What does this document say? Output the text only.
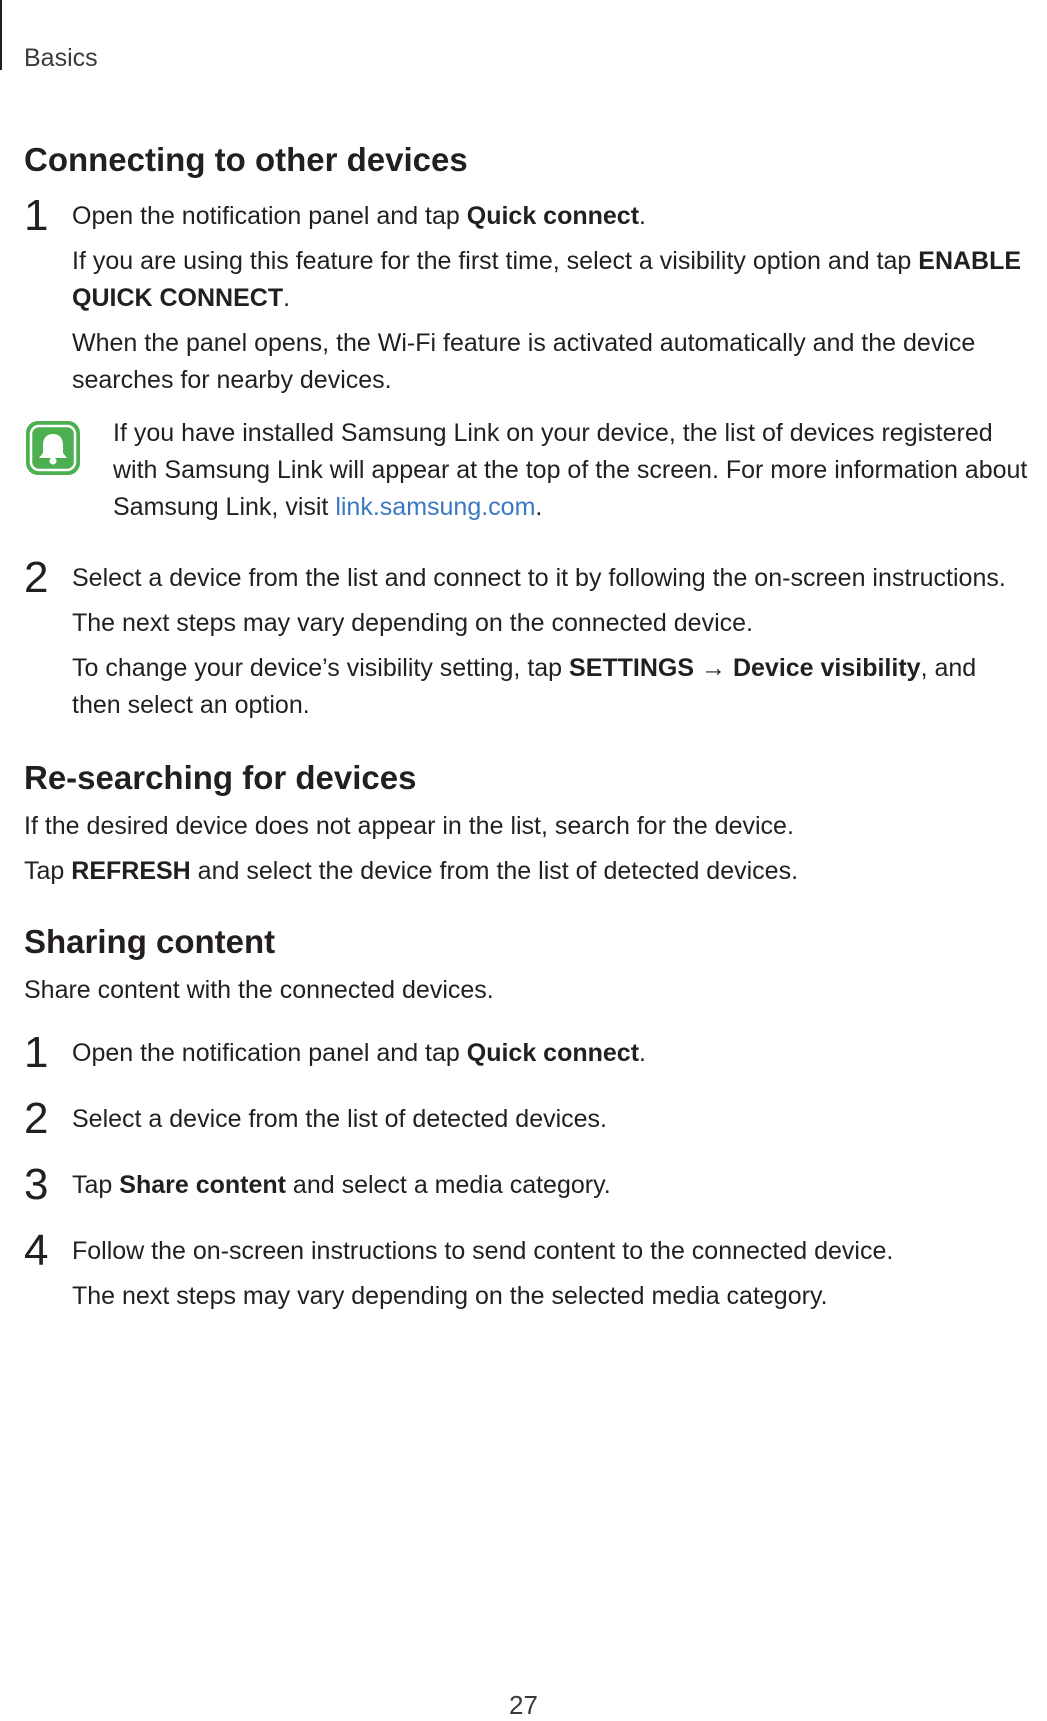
Basics
Connecting to other devices
1 Open the notification panel and tap Quick connect.

If you are using this feature for the first time, select a visibility option and tap ENABLE QUICK CONNECT.

When the panel opens, the Wi-Fi feature is activated automatically and the device searches for nearby devices.

If you have installed Samsung Link on your device, the list of devices registered with Samsung Link will appear at the top of the screen. For more information about Samsung Link, visit link.samsung.com.

2 Select a device from the list and connect to it by following the on-screen instructions.

The next steps may vary depending on the connected device.

To change your device’s visibility setting, tap SETTINGS → Device visibility, and then select an option.

Re-searching for devices

If the desired device does not appear in the list, search for the device.

Tap REFRESH and select the device from the list of detected devices.

Sharing content

Share content with the connected devices.

1 Open the notification panel and tap Quick connect.

2 Select a device from the list of detected devices.

3 Tap Share content and select a media category.

4 Follow the on-screen instructions to send content to the connected device.

The next steps may vary depending on the selected media category.

27
